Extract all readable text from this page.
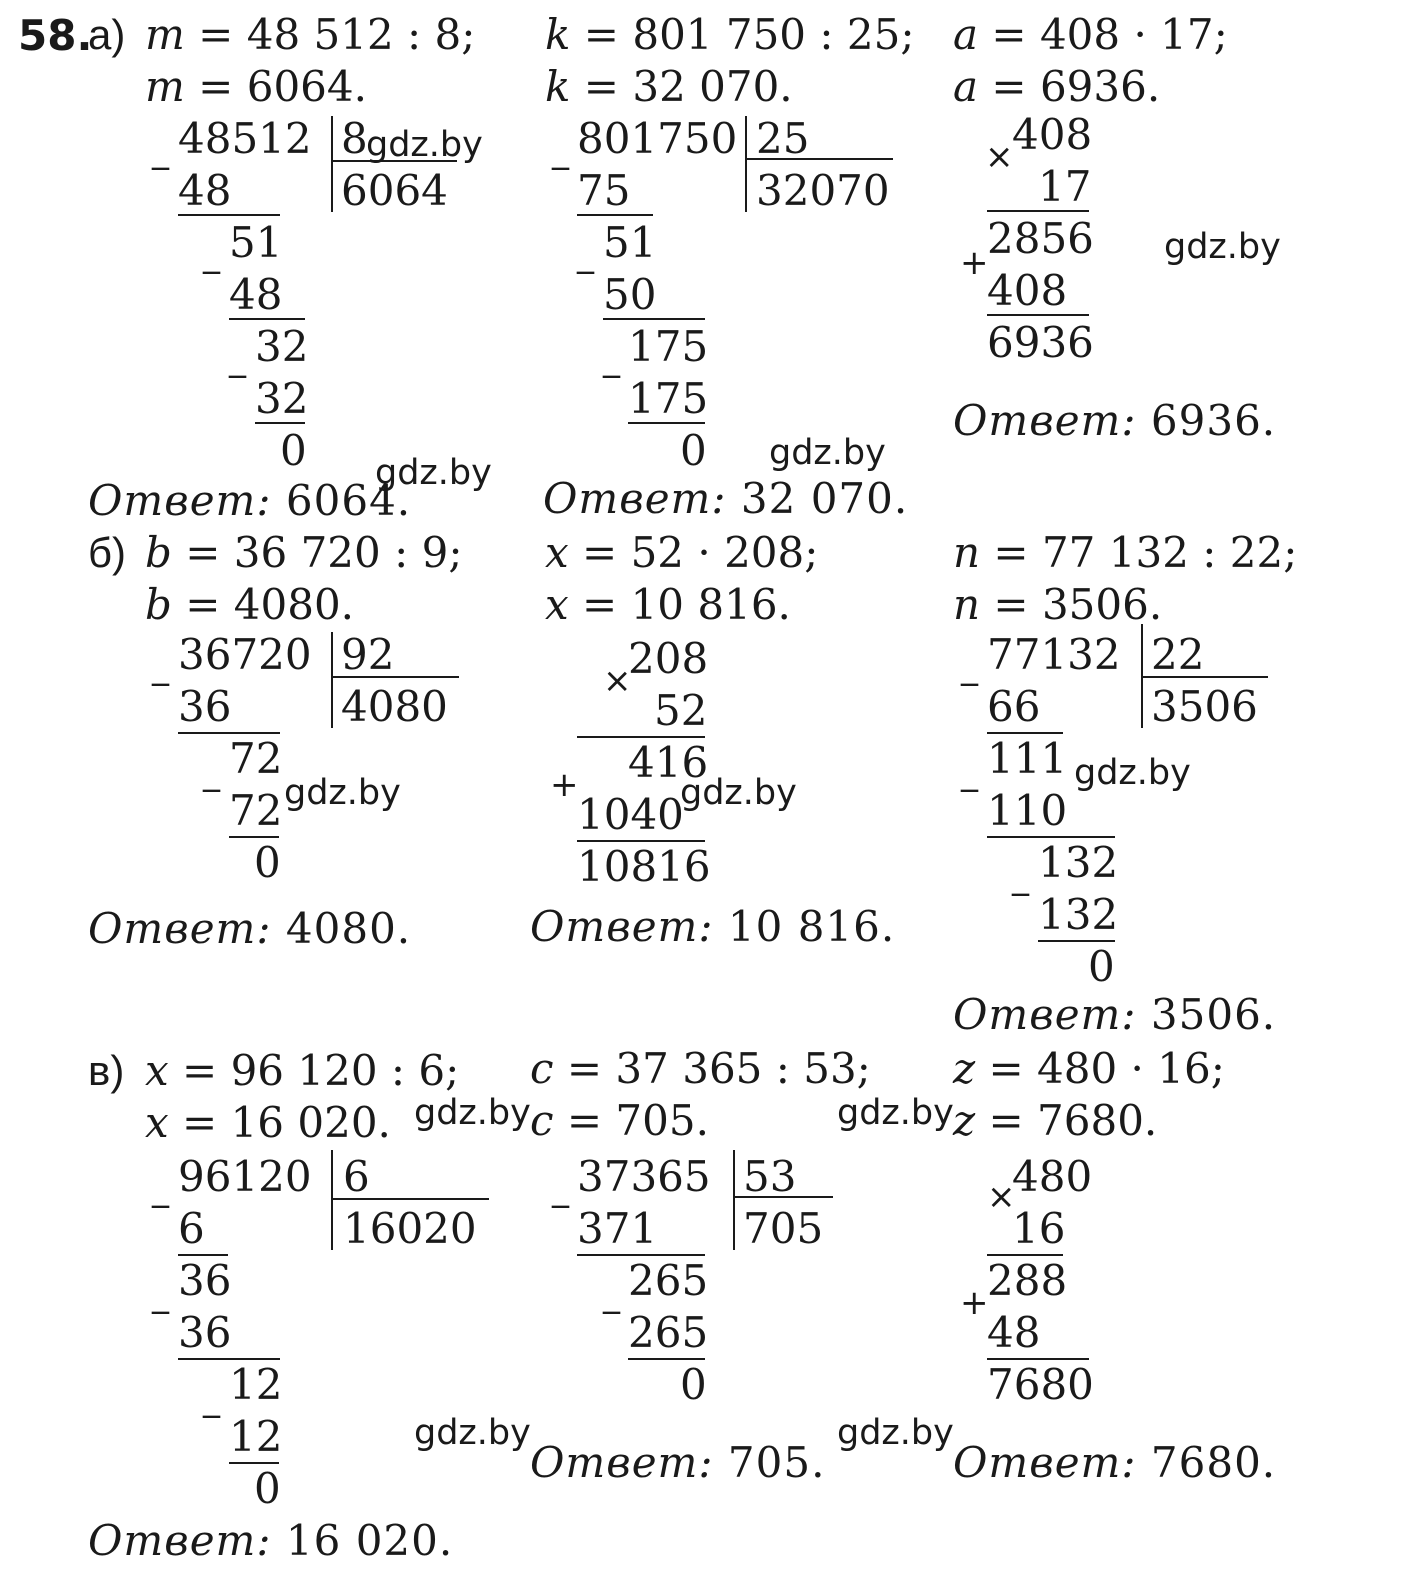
58.
а) m = 48 512 : 8;
m = 6064.
_ 48512
48
_ 51
48
_ 32
32
0
8
6064
Ответ: 6064.
k = 801 750 : 25;
k = 32 070.
_ 801750
75
_ 51
50
_ 175
175
0
25
32070
Ответ: 32 070.
a = 408 · 17;
a = 6936.
×
408
17
+
2856
408
6936
Ответ: 6936.
б) b = 36 720 : 9;
b = 4080.
_ 36720
36
_ 72
72
0
92
4080
Ответ: 4080.
x = 52 · 208;
x = 10 816.
×
208
52
+ 416
1040
10816
Ответ: 10 816.
n = 77 132 : 22;
n = 3506.
_ 77132
66
_ 111
110
_ 132
132
0
22
3506
Ответ: 3506.
в) x = 96 120 : 6;
x = 16 020.
_ 96120
6
_ 36
36
_ 12
12
0
6
16020
Ответ: 16 020.
c = 37 365 : 53;
c = 705.
_ 37365
371
_ 265
265
0
53
705
Ответ: 705.
z = 480 · 16;
z = 7680.
×
480
16
+
288
48
7680
Ответ: 7680.
gdz.by
gdz.by
gdz.by	gdz.by
gdz.by
gdz.by	gdz.by
gdz.by	gdz.by
gdz.by	gdz.by
